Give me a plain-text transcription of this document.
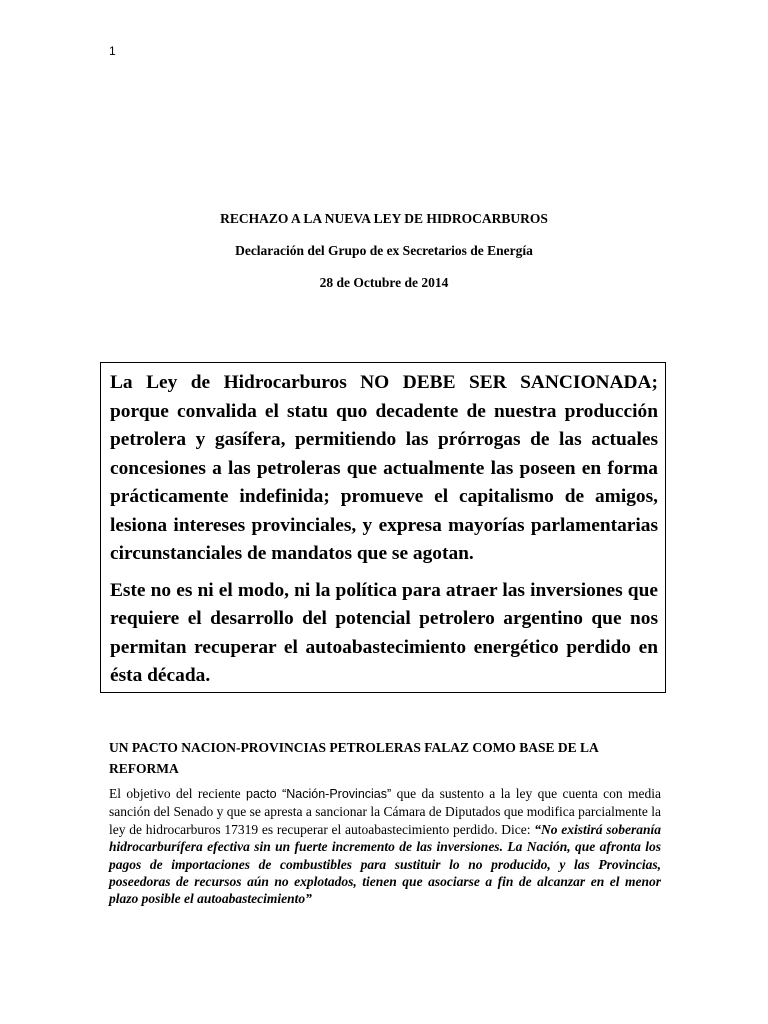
1
RECHAZO A LA NUEVA LEY DE HIDROCARBUROS
Declaración del Grupo de ex Secretarios de Energía
28 de Octubre de 2014

La Ley de Hidrocarburos NO DEBE SER SANCIONADA; porque convalida el statu quo decadente de nuestra producción petrolera y gasífera, permitiendo las prórrogas de las actuales concesiones a las petroleras que actualmente las poseen en forma prácticamente indefinida; promueve el capitalismo de amigos, lesiona intereses provinciales, y expresa mayorías parlamentarias circunstanciales de mandatos que se agotan.

Este no es ni el modo, ni la política para atraer las inversiones que requiere el desarrollo del potencial petrolero argentino que nos permitan recuperar el autoabastecimiento energético perdido en ésta década.

UN PACTO NACION-PROVINCIAS PETROLERAS FALAZ COMO BASE DE LA REFORMA

El objetivo del reciente pacto “Nación-Provincias” que da sustento a la ley que cuenta con media sanción del Senado y que se apresta a sancionar la Cámara de Diputados que modifica parcialmente la ley de hidrocarburos 17319 es recuperar el autoabastecimiento perdido. Dice: “No existirá soberanía hidrocarburífera efectiva sin un fuerte incremento de las inversiones. La Nación, que afronta los pagos de importaciones de combustibles para sustituir lo no producido, y las Provincias, poseedoras de recursos aún no explotados, tienen que asociarse a fin de alcanzar en el menor plazo posible el autoabastecimiento”
